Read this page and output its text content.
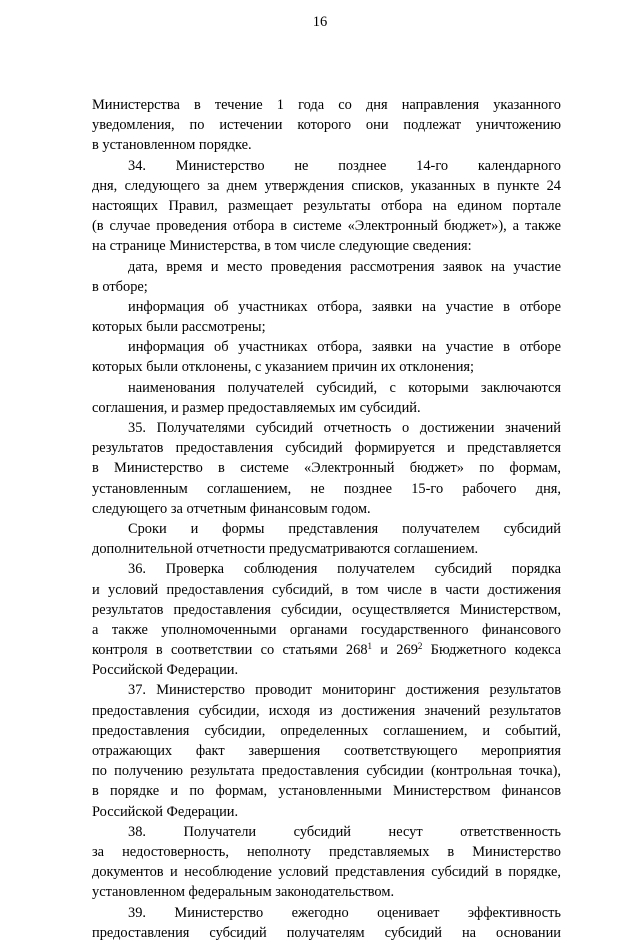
16
Министерства в течение 1 года со дня направления указанного
уведомления, по истечении которого они подлежат уничтожению
в установленном порядке.
34. Министерство не позднее 14-го календарного
дня, следующего за днем утверждения списков, указанных в пункте 24
настоящих Правил, размещает результаты отбора на едином портале
(в случае проведения отбора в системе «Электронный бюджет»), а также
на странице Министерства, в том числе следующие сведения:
дата, время и место проведения рассмотрения заявок на участие
в отборе;
информация об участниках отбора, заявки на участие в отборе
которых были рассмотрены;
информация об участниках отбора, заявки на участие в отборе
которых были отклонены, с указанием причин их отклонения;
наименования получателей субсидий, с которыми заключаются
соглашения, и размер предоставляемых им субсидий.
35. Получателями субсидий отчетность о достижении значений
результатов предоставления субсидий формируется и представляется
в Министерство в системе «Электронный бюджет» по формам,
установленным соглашением, не позднее 15-го рабочего дня,
следующего за отчетным финансовым годом.
Сроки и формы представления получателем субсидий
дополнительной отчетности предусматриваются соглашением.
36. Проверка соблюдения получателем субсидий порядка
и условий предоставления субсидий, в том числе в части достижения
результатов предоставления субсидии, осуществляется Министерством,
а также уполномоченными органами государственного финансового
контроля в соответствии со статьями $268^1$ и $269^2$ Бюджетного кодекса
Российской Федерации.
37. Министерство проводит мониторинг достижения результатов
предоставления субсидии, исходя из достижения значений результатов
предоставления субсидии, определенных соглашением, и событий,
отражающих факт завершения соответствующего мероприятия
по получению результата предоставления субсидии (контрольная точка),
в порядке и по формам, установленными Министерством финансов
Российской Федерации.
38. Получатели субсидий несут ответственность
за недостоверность, неполноту представляемых в Министерство
документов и несоблюдение условий представления субсидий в порядке,
установленном федеральным законодательством.
39. Министерство ежегодно оценивает эффективность
предоставления субсидий получателям субсидий на основании
